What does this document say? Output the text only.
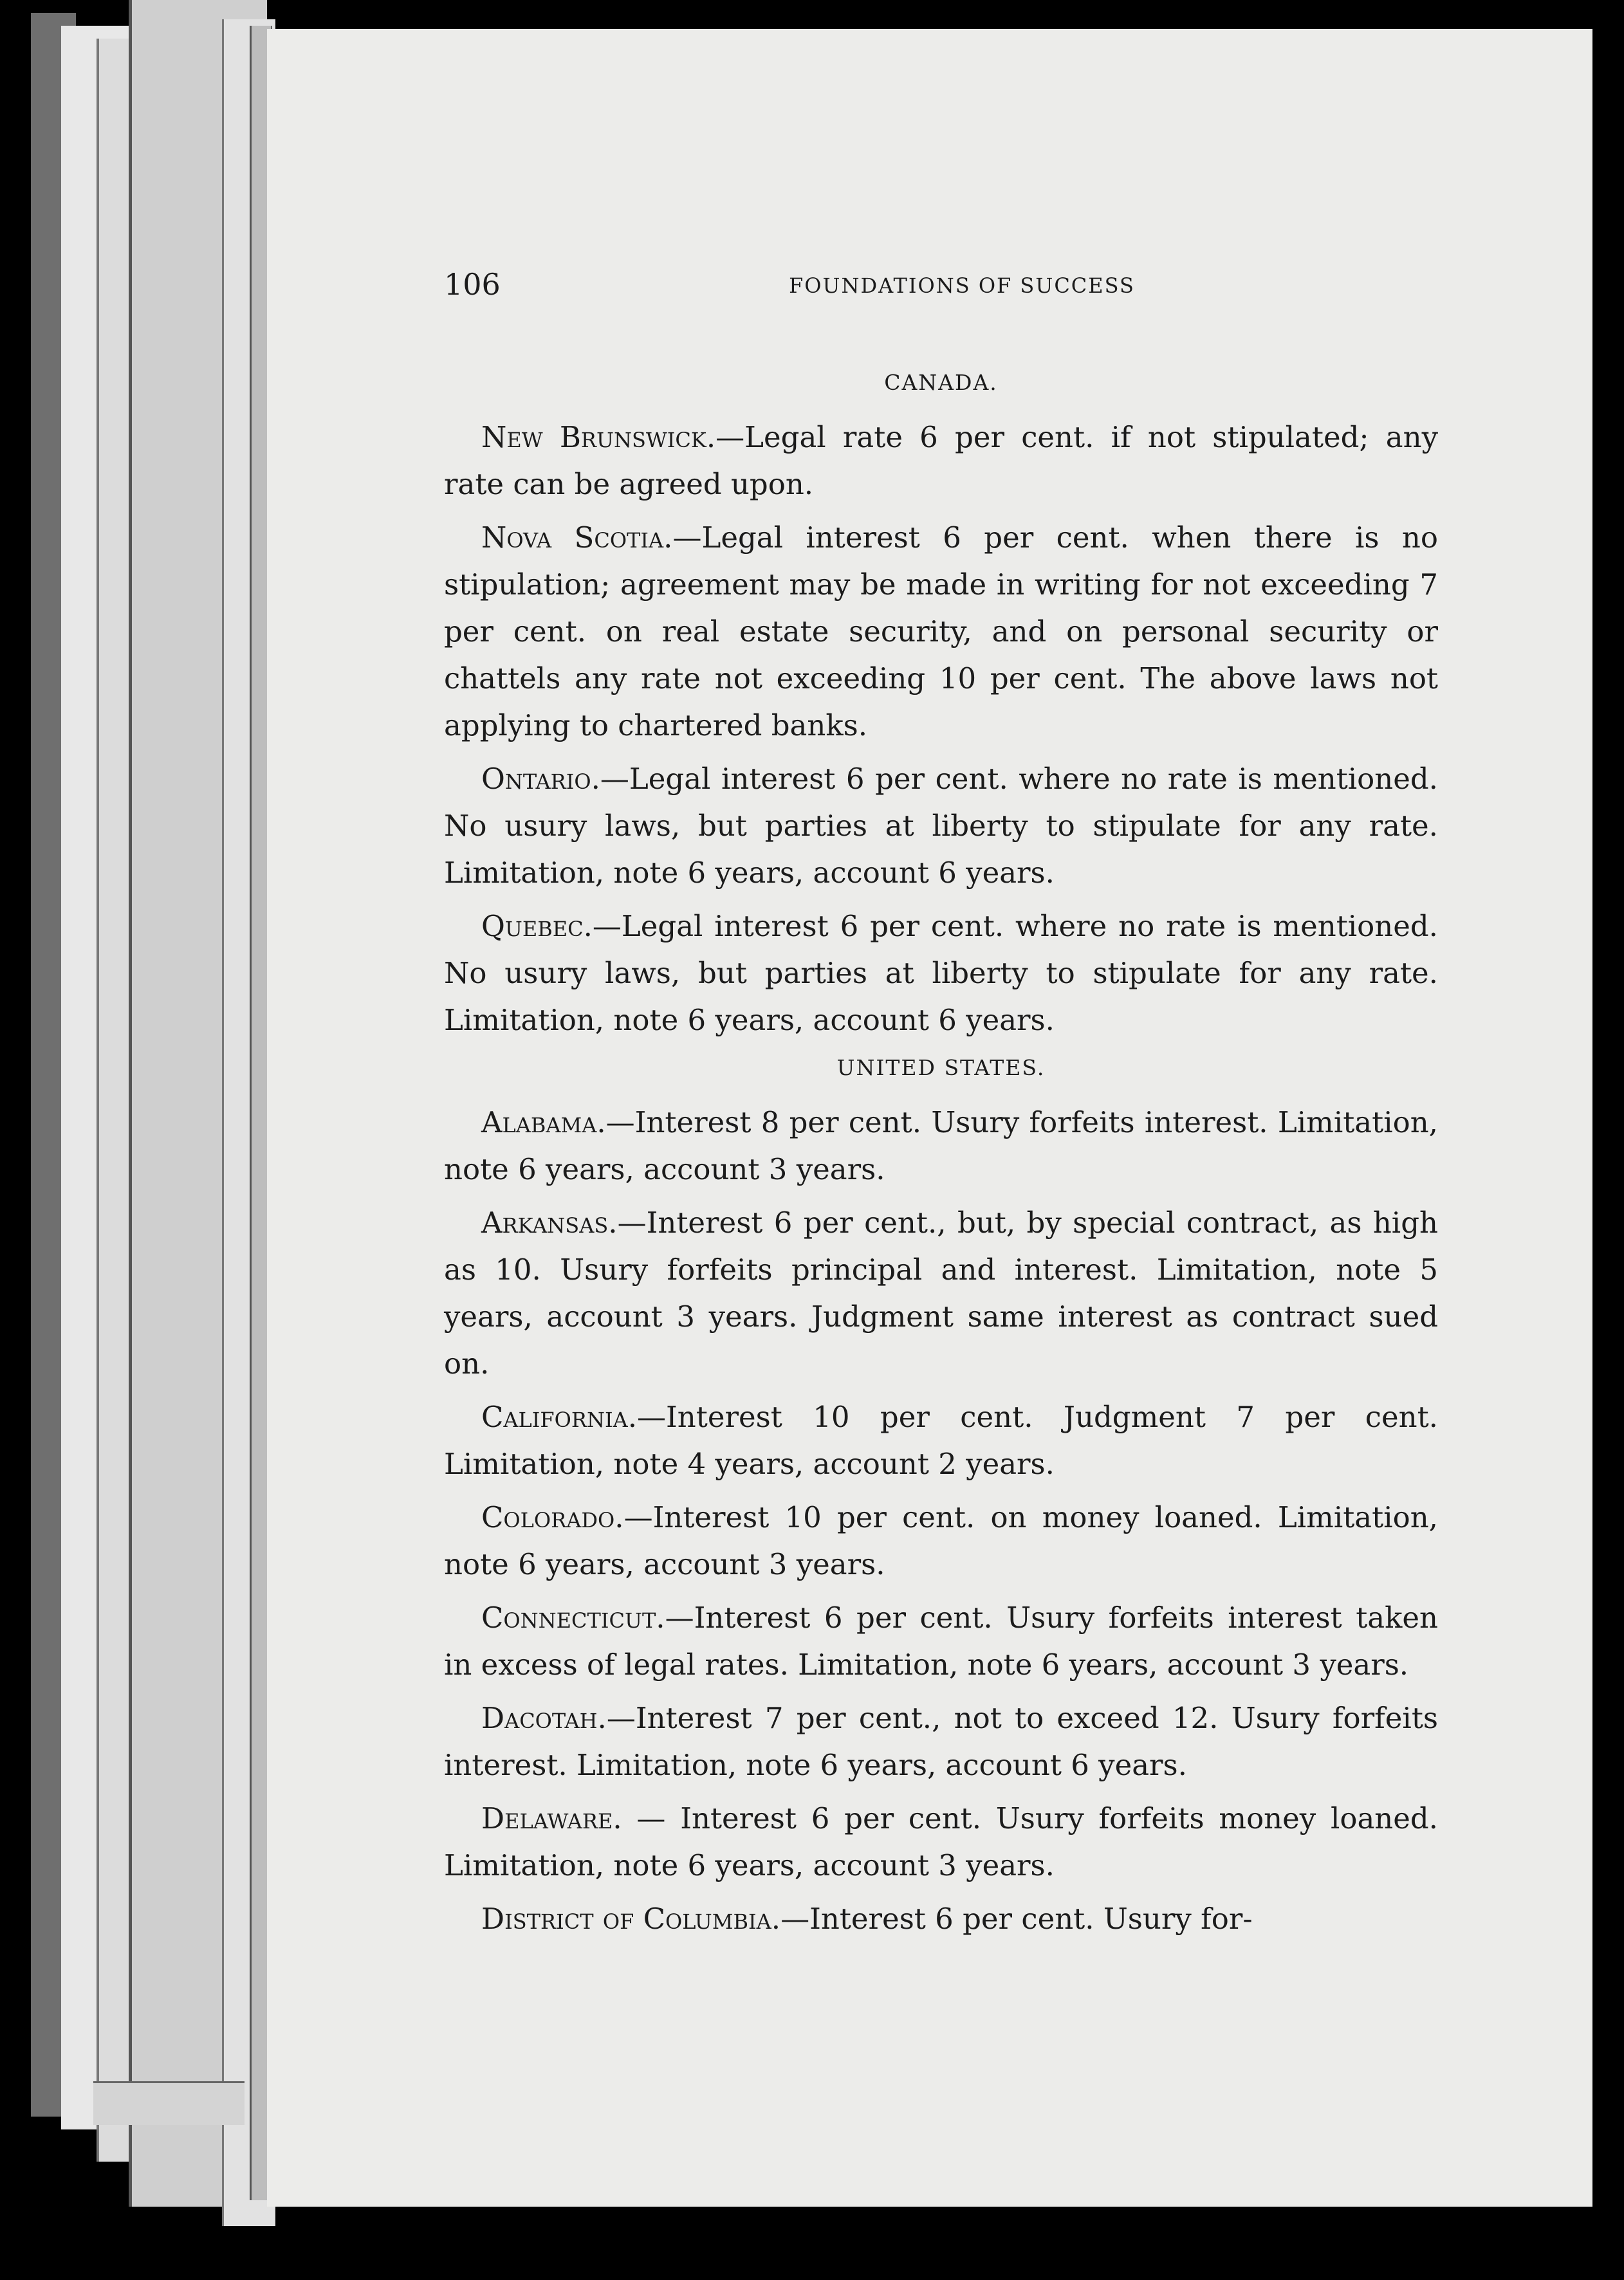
106	FOUNDATIONS OF SUCCESS
CANADA.

New Brunswick.—Legal rate 6 per cent. if not stipulated; any rate can be agreed upon.

Nova Scotia.—Legal interest 6 per cent. when there is no stipulation; agreement may be made in writing for not exceeding 7 per cent. on real estate security, and on personal security or chattels any rate not exceeding 10 per cent. The above laws not applying to chartered banks.

Ontario.—Legal interest 6 per cent. where no rate is mentioned. No usury laws, but parties at liberty to stipulate for any rate. Limitation, note 6 years, account 6 years.

Quebec.—Legal interest 6 per cent. where no rate is mentioned. No usury laws, but parties at liberty to stipulate for any rate. Limitation, note 6 years, account 6 years.

UNITED STATES.

Alabama.—Interest 8 per cent. Usury forfeits interest. Limitation, note 6 years, account 3 years.

Arkansas.—Interest 6 per cent., but, by special contract, as high as 10. Usury forfeits principal and interest. Limitation, note 5 years, account 3 years. Judgment same interest as contract sued on.

California.—Interest 10 per cent. Judgment 7 per cent. Limitation, note 4 years, account 2 years.

Colorado.—Interest 10 per cent. on money loaned. Limitation, note 6 years, account 3 years.

Connecticut.—Interest 6 per cent. Usury forfeits interest taken in excess of legal rates. Limitation, note 6 years, account 3 years.

Dacotah.—Interest 7 per cent., not to exceed 12. Usury forfeits interest. Limitation, note 6 years, account 6 years.

Delaware. — Interest 6 per cent. Usury forfeits money loaned. Limitation, note 6 years, account 3 years.

District of Columbia.—Interest 6 per cent. Usury for-
